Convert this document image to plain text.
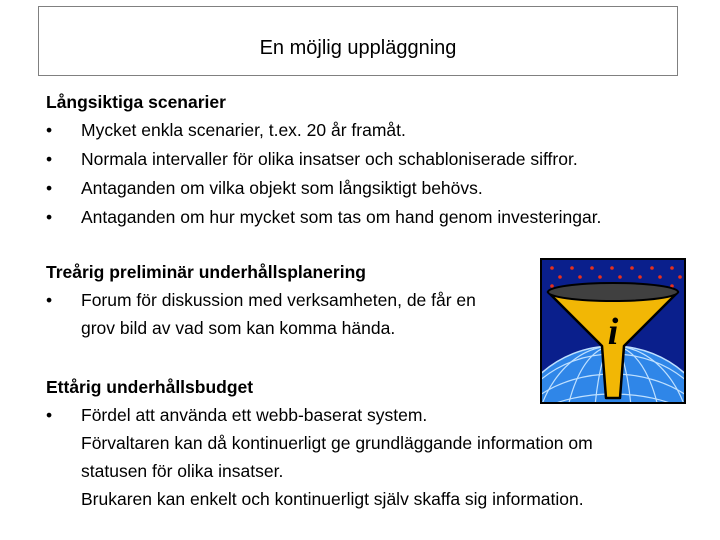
En möjlig uppläggning
Långsiktiga scenarier
•	Mycket enkla scenarier, t.ex. 20 år framåt.
•	Normala intervaller för olika insatser och schabloniserade siffror.
•	Antaganden om vilka objekt som långsiktigt behövs.
•	Antaganden om hur mycket som tas om hand genom investeringar.
Treårig preliminär underhållsplanering
•	Forum för diskussion med verksamheten, de får en
grov bild av vad som kan komma hända.
Ettårig underhållsbudget
•	Fördel att använda ett webb-baserat system.
Förvaltaren kan då kontinuerligt ge grundläggande information om
statusen för olika insatser.
Brukaren kan enkelt och kontinuerligt själv skaffa sig information.
i
